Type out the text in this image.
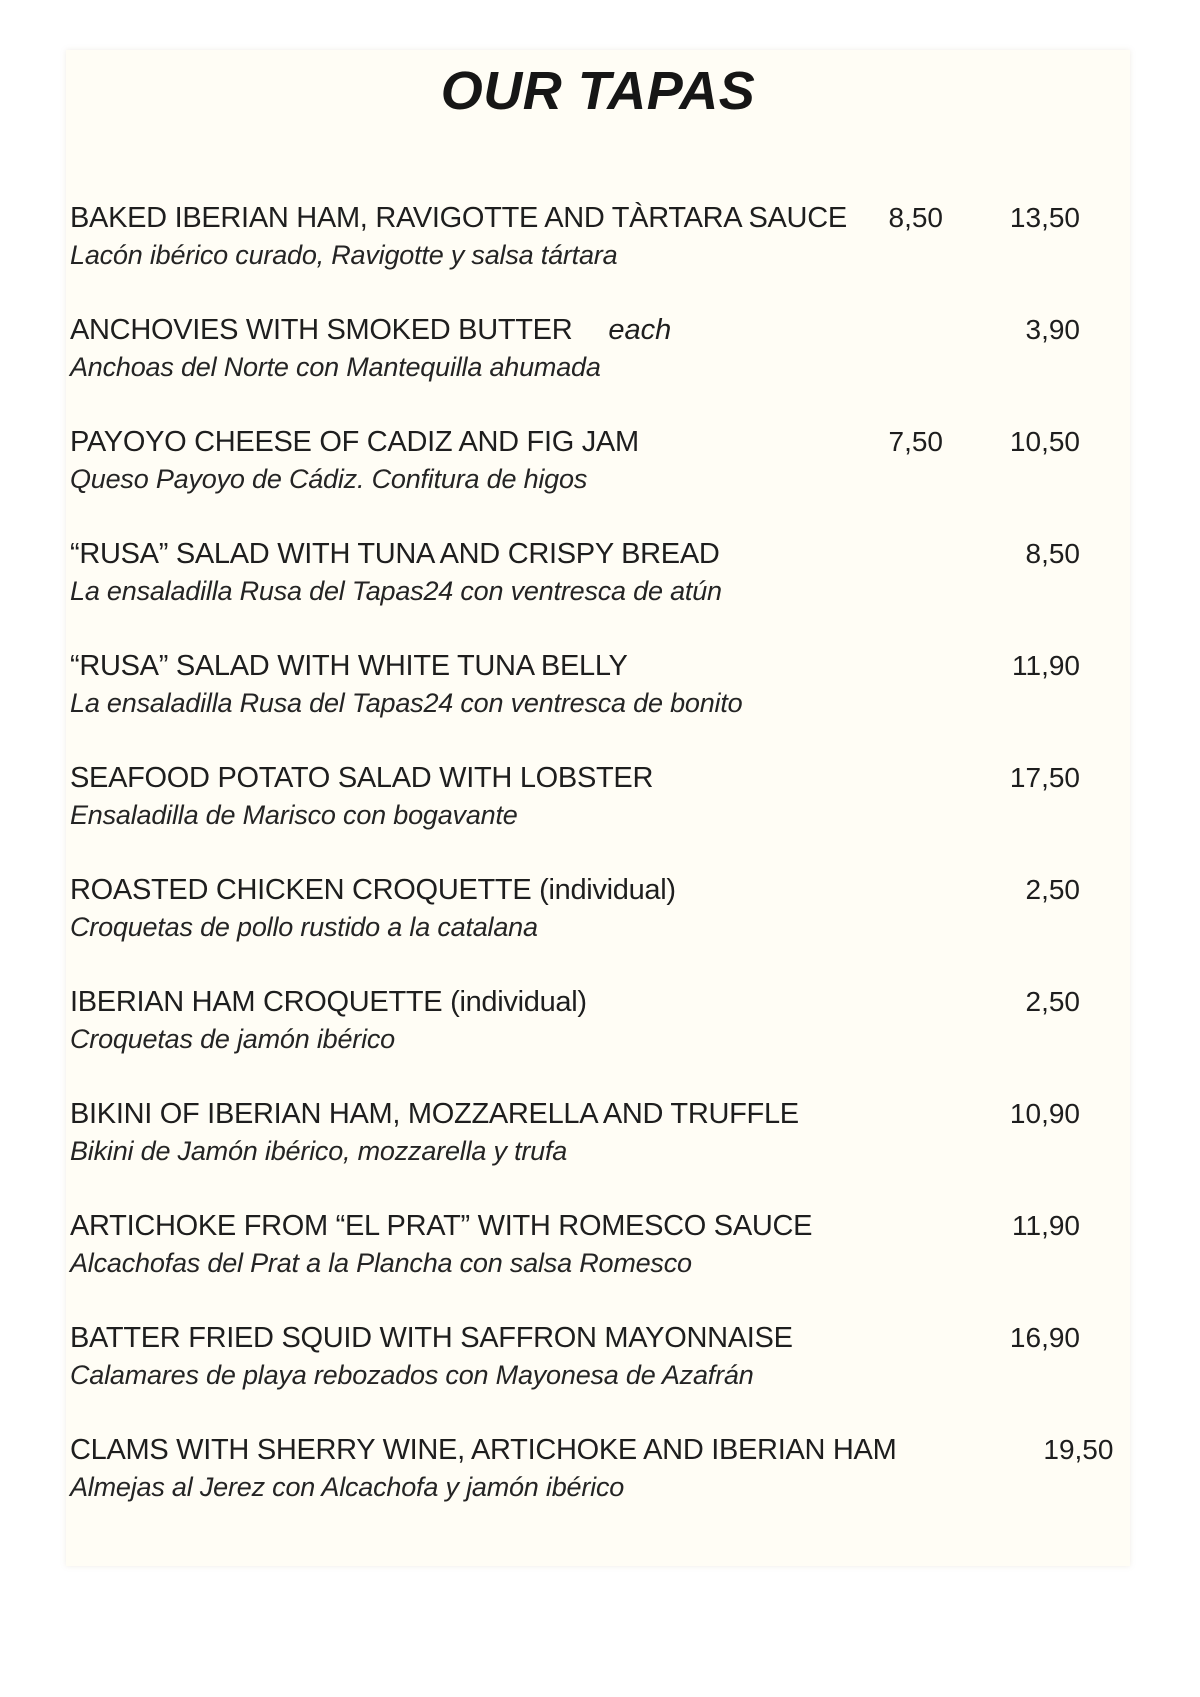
OUR TAPAS
BAKED IBERIAN HAM, RAVIGOTTE AND TÀRTARA SAUCE	8,50	13,50
Lacón ibérico curado, Ravigotte y salsa tártara
ANCHOVIES WITH SMOKED BUTTER each	3,90
Anchoas del Norte con Mantequilla ahumada
PAYOYO CHEESE OF CADIZ AND FIG JAM	7,50	10,50
Queso Payoyo de Cádiz. Confitura de higos
“RUSA” SALAD WITH TUNA AND CRISPY BREAD	8,50
La ensaladilla Rusa del Tapas24 con ventresca de atún
“RUSA” SALAD WITH WHITE TUNA BELLY	11,90
La ensaladilla Rusa del Tapas24 con ventresca de bonito
SEAFOOD POTATO SALAD WITH LOBSTER	17,50
Ensaladilla de Marisco con bogavante
ROASTED CHICKEN CROQUETTE (individual)	2,50
Croquetas de pollo rustido a la catalana
IBERIAN HAM CROQUETTE (individual)	2,50
Croquetas de jamón ibérico
BIKINI OF IBERIAN HAM, MOZZARELLA AND TRUFFLE	10,90
Bikini de Jamón ibérico, mozzarella y trufa
ARTICHOKE FROM “EL PRAT” WITH ROMESCO SAUCE	11,90
Alcachofas del Prat a la Plancha con salsa Romesco
BATTER FRIED SQUID WITH SAFFRON MAYONNAISE	16,90
Calamares de playa rebozados con Mayonesa de Azafrán
CLAMS WITH SHERRY WINE, ARTICHOKE AND IBERIAN HAM	19,50
Almejas al Jerez con Alcachofa y jamón ibérico
